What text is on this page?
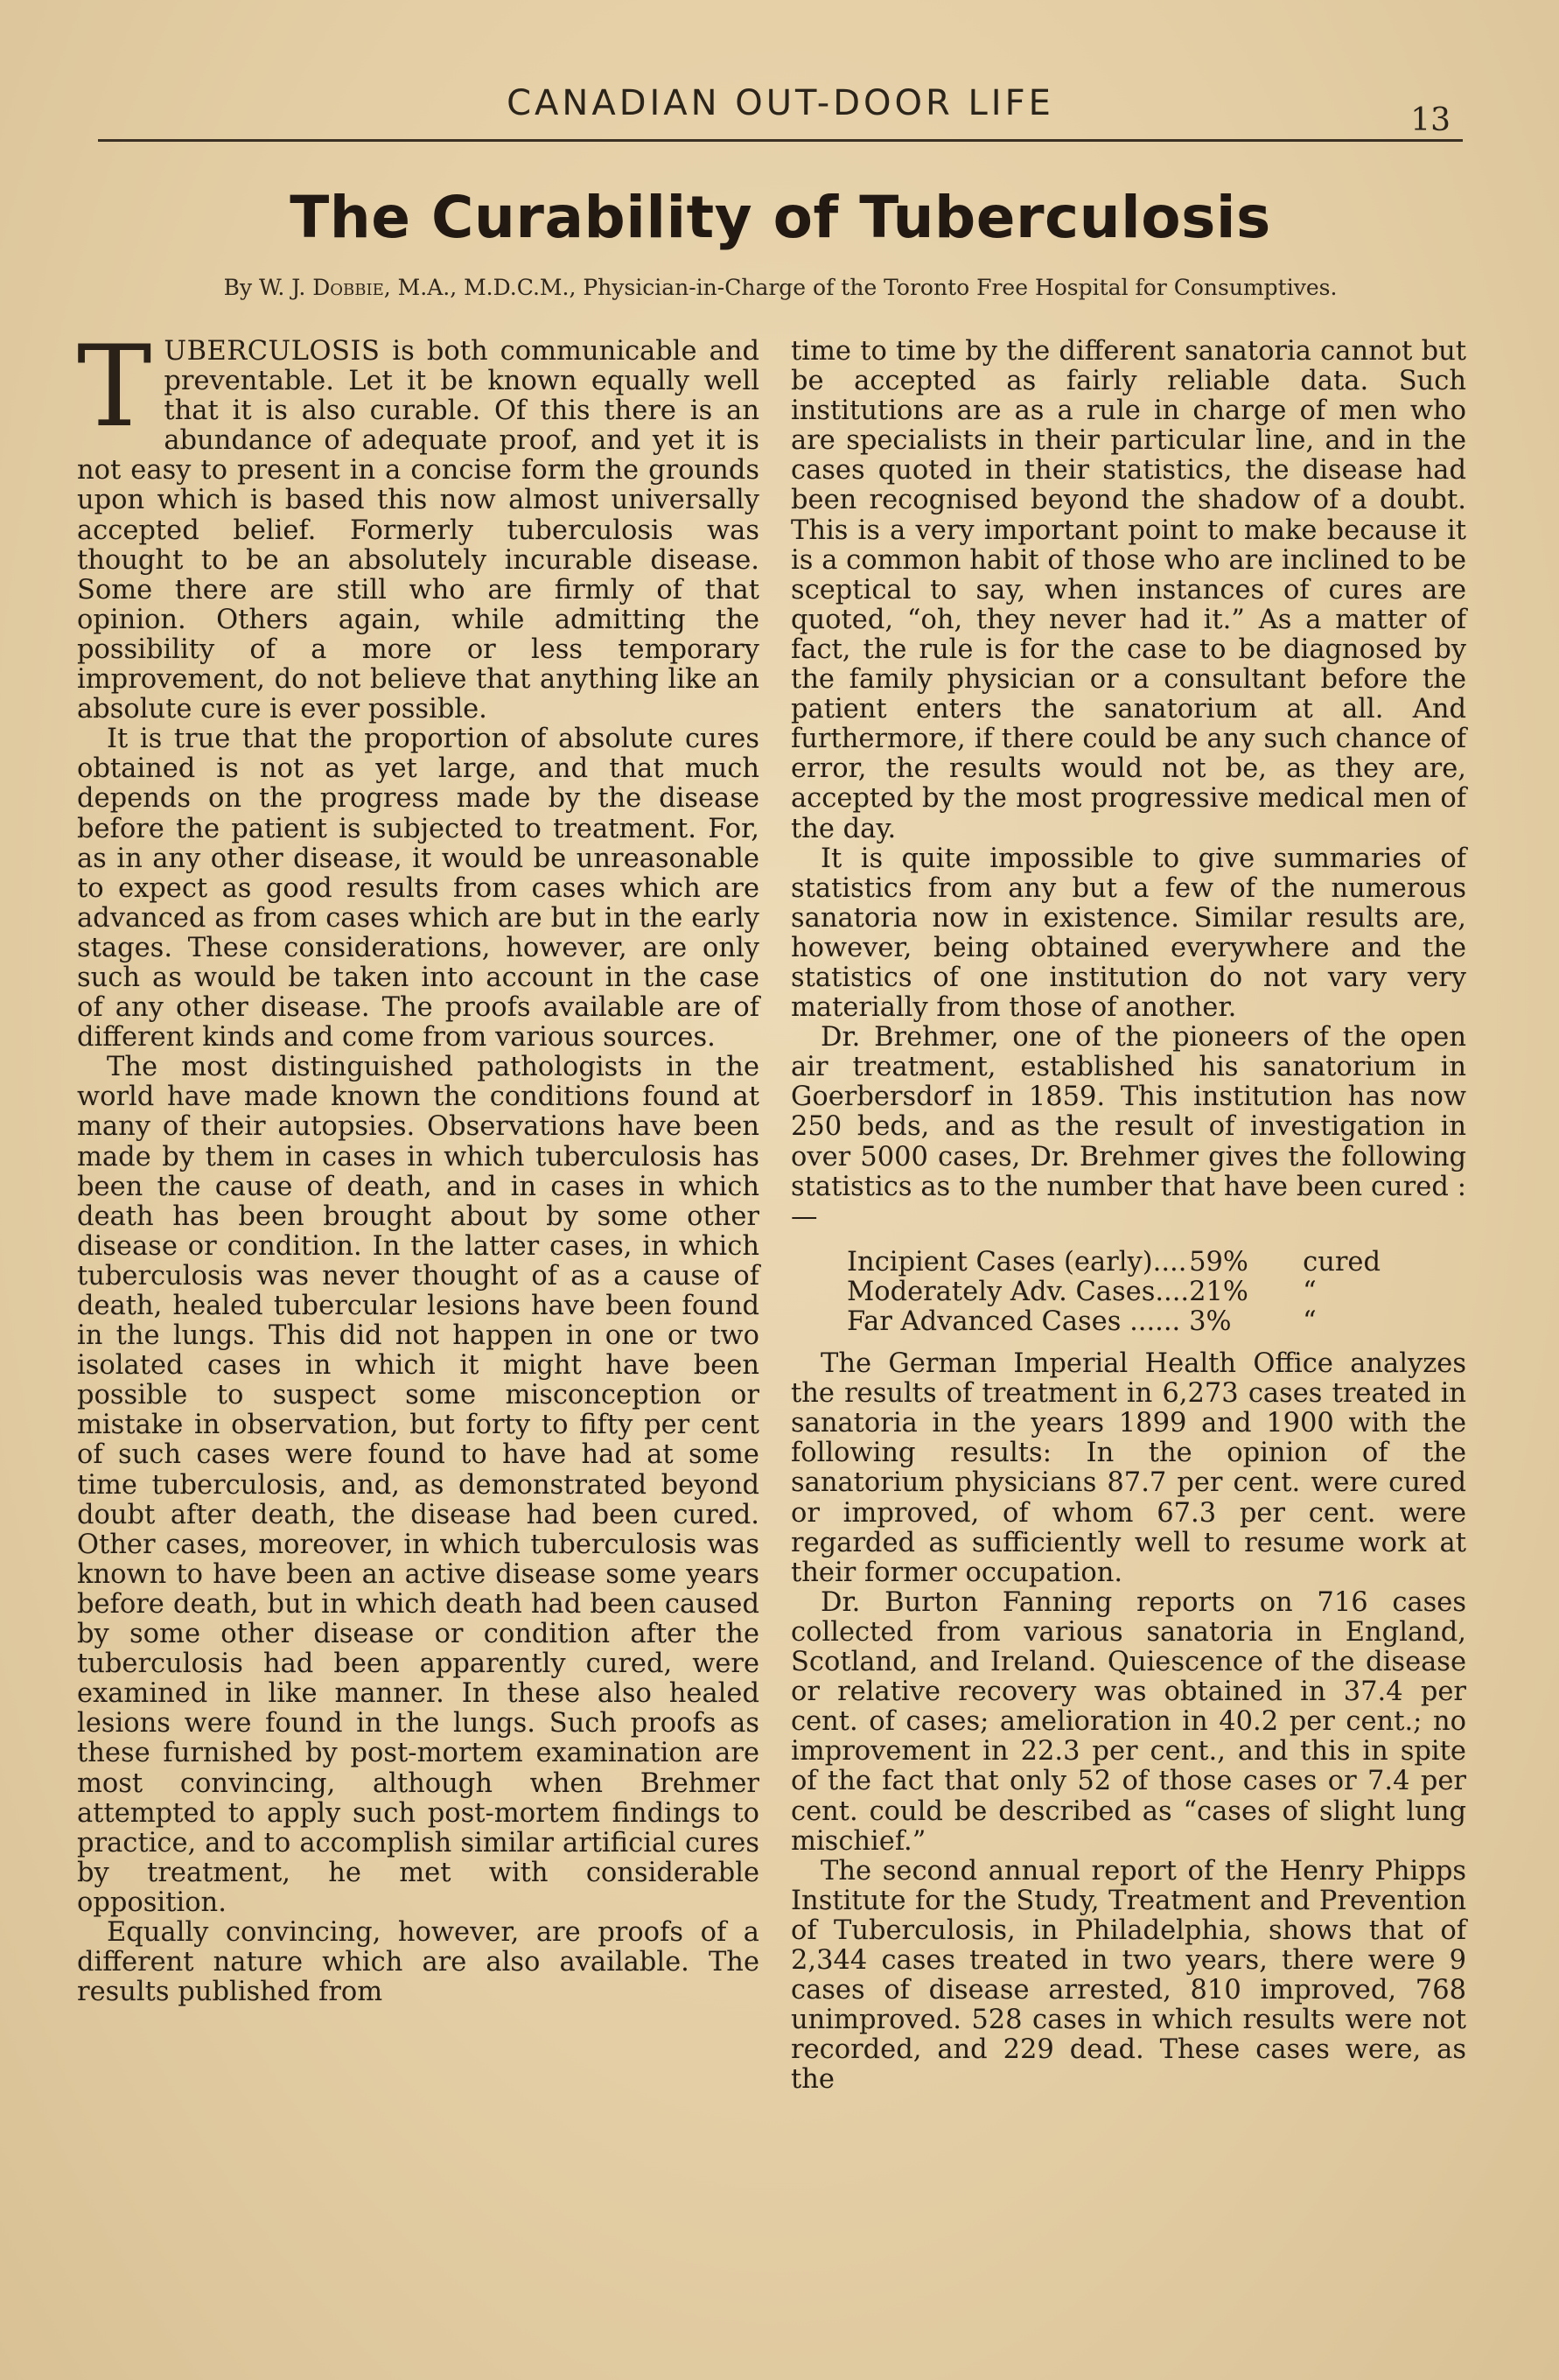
CANADIAN OUT-DOOR LIFE	13
The Curability of Tuberculosis
By W. J. Dobbie, M.A., M.D.C.M., Physician-in-Charge of the Toronto Free Hospital for Consumptives.

TUBERCULOSIS is both communicable and preventable. Let it be known equally well that it is also curable. Of this there is an abundance of adequate proof, and yet it is not easy to present in a concise form the grounds upon which is based this now almost universally accepted belief. Formerly tuberculosis was thought to be an absolutely incurable disease. Some there are still who are firmly of that opinion. Others again, while admitting the possibility of a more or less temporary improvement, do not believe that anything like an absolute cure is ever possible.

It is true that the proportion of absolute cures obtained is not as yet large, and that much depends on the progress made by the disease before the patient is subjected to treatment. For, as in any other disease, it would be unreasonable to expect as good results from cases which are advanced as from cases which are but in the early stages. These considerations, however, are only such as would be taken into account in the case of any other disease. The proofs available are of different kinds and come from various sources.

The most distinguished pathologists in the world have made known the conditions found at many of their autopsies. Observations have been made by them in cases in which tuberculosis has been the cause of death, and in cases in which death has been brought about by some other disease or condition. In the latter cases, in which tuberculosis was never thought of as a cause of death, healed tubercular lesions have been found in the lungs. This did not happen in one or two isolated cases in which it might have been possible to suspect some misconception or mistake in observation, but forty to fifty per cent of such cases were found to have had at some time tuberculosis, and, as demonstrated beyond doubt after death, the disease had been cured. Other cases, moreover, in which tuberculosis was known to have been an active disease some years before death, but in which death had been caused by some other disease or condition after the tuberculosis had been apparently cured, were examined in like manner. In these also healed lesions were found in the lungs. Such proofs as these furnished by post-mortem examination are most convincing, although when Brehmer attempted to apply such post-mortem findings to practice, and to accomplish similar artificial cures by treatment, he met with considerable opposition.

Equally convincing, however, are proofs of a different nature which are also available. The results published from

time to time by the different sanatoria cannot but be accepted as fairly reliable data. Such institutions are as a rule in charge of men who are specialists in their particular line, and in the cases quoted in their statistics, the disease had been recognised beyond the shadow of a doubt. This is a very important point to make because it is a common habit of those who are inclined to be sceptical to say, when instances of cures are quoted, “oh, they never had it.” As a matter of fact, the rule is for the case to be diagnosed by the family physician or a consultant before the patient enters the sanatorium at all. And furthermore, if there could be any such chance of error, the results would not be, as they are, accepted by the most progressive medical men of the day.

It is quite impossible to give summaries of statistics from any but a few of the numerous sanatoria now in existence. Similar results are, however, being obtained everywhere and the statistics of one institution do not vary very materially from those of another.

Dr. Brehmer, one of the pioneers of the open air treatment, established his sanatorium in Goerbersdorf in 1859. This institution has now 250 beds, and as the result of investigation in over 5000 cases, Dr. Brehmer gives the following statistics as to the number that have been cured :—

Incipient Cases (early)....	59%	cured
Moderately Adv. Cases....	21%	“
Far Advanced Cases ......	3%	“

The German Imperial Health Office analyzes the results of treatment in 6,273 cases treated in sanatoria in the years 1899 and 1900 with the following results: In the opinion of the sanatorium physicians 87.7 per cent. were cured or improved, of whom 67.3 per cent. were regarded as sufficiently well to resume work at their former occupation.

Dr. Burton Fanning reports on 716 cases collected from various sanatoria in England, Scotland, and Ireland. Quiescence of the disease or relative recovery was obtained in 37.4 per cent. of cases; amelioration in 40.2 per cent.; no improvement in 22.3 per cent., and this in spite of the fact that only 52 of those cases or 7.4 per cent. could be described as “cases of slight lung mischief.”

The second annual report of the Henry Phipps Institute for the Study, Treatment and Prevention of Tuberculosis, in Philadelphia, shows that of 2,344 cases treated in two years, there were 9 cases of disease arrested, 810 improved, 768 unimproved. 528 cases in which results were not recorded, and 229 dead. These cases were, as the
